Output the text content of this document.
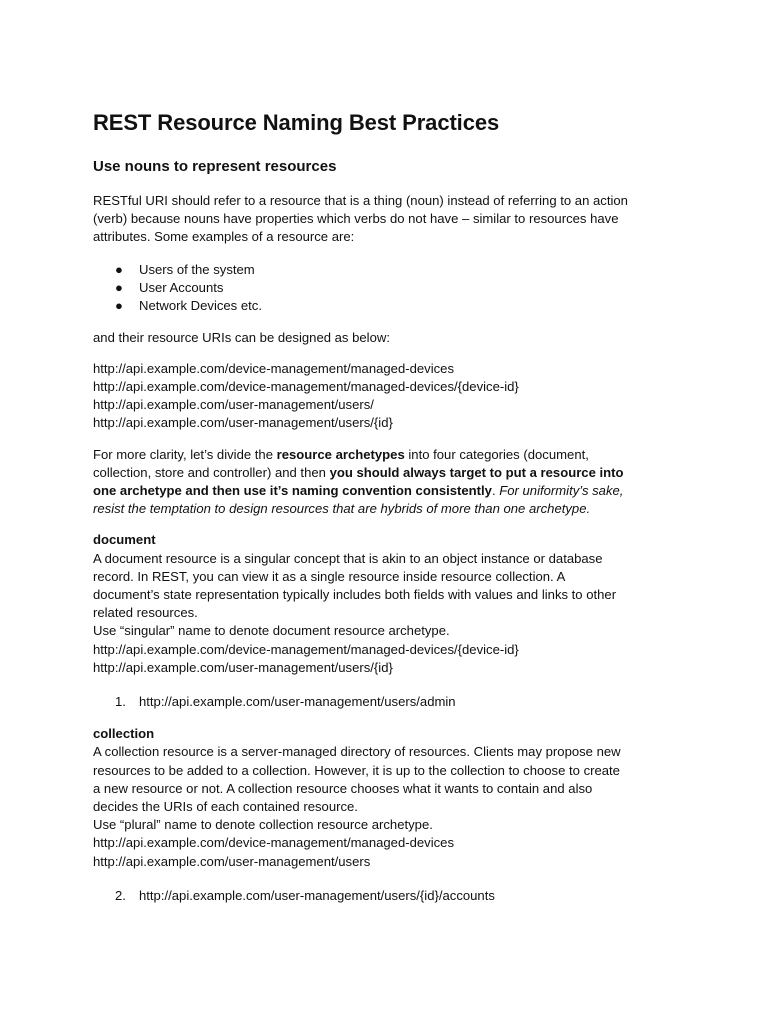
REST Resource Naming Best Practices
Use nouns to represent resources
RESTful URI should refer to a resource that is a thing (noun) instead of referring to an action
(verb) because nouns have properties which verbs do not have – similar to resources have
attributes. Some examples of a resource are:
● Users of the system
● User Accounts
● Network Devices etc.

and their resource URIs can be designed as below:

http://api.example.com/device-management/managed-devices
http://api.example.com/device-management/managed-devices/{device-id}
http://api.example.com/user-management/users/
http://api.example.com/user-management/users/{id}
For more clarity, let’s divide the resource archetypes into four categories (document,
collection, store and controller) and then you should always target to put a resource into
one archetype and then use it’s naming convention consistently. For uniformity’s sake,
resist the temptation to design resources that are hybrids of more than one archetype.
document
A document resource is a singular concept that is akin to an object instance or database
record. In REST, you can view it as a single resource inside resource collection. A
document’s state representation typically includes both fields with values and links to other
related resources.
Use “singular” name to denote document resource archetype.
http://api.example.com/device-management/managed-devices/{device-id}
http://api.example.com/user-management/users/{id}
1. http://api.example.com/user-management/users/admin
collection
A collection resource is a server-managed directory of resources. Clients may propose new
resources to be added to a collection. However, it is up to the collection to choose to create
a new resource or not. A collection resource chooses what it wants to contain and also
decides the URIs of each contained resource.
Use “plural” name to denote collection resource archetype.
http://api.example.com/device-management/managed-devices
http://api.example.com/user-management/users
2. http://api.example.com/user-management/users/{id}/accounts
